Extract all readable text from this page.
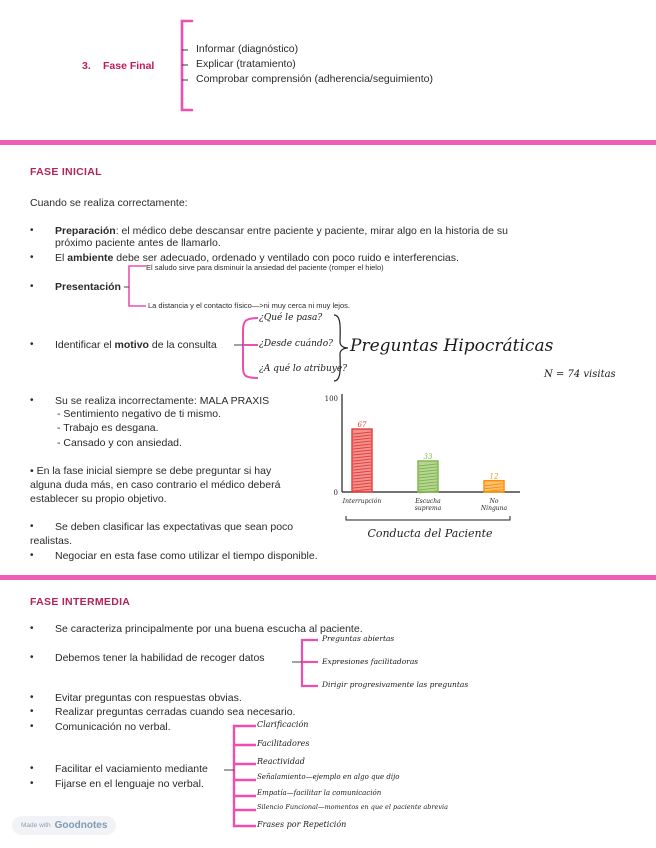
3. Fase Final
Informar (diagnóstico)
Explicar (tratamiento)
Comprobar comprensión (adherencia/seguimiento)
FASE INICIAL
Cuando se realiza correctamente:
• Preparación: el médico debe descansar entre paciente y paciente, mirar algo en la historia de su
próximo paciente antes de llamarlo.
• El ambiente debe ser adecuado, ordenado y ventilado con poco ruido e interferencias.
• Presentación
El saludo sirve para disminuir la ansiedad del paciente (romper el hielo)
La distancia y el contacto físico—>ni muy cerca ni muy lejos.
• Identificar el motivo de la consulta
¿Qué le pasa?
¿Desde cuándo?
¿A qué lo atribuye?
Preguntas Hipocráticas
N = 74 visitas
• Su se realiza incorrectamente: MALA PRAXIS
- Sentimiento negativo de ti mismo.
- Trabajo es desgana.
- Cansado y con ansiedad.
• En la fase inicial siempre se debe preguntar si hay
alguna duda más, en caso contrario el médico deberá
establecer su propio objetivo.
• Se deben clasificar las expectativas que sean poco
realistas.
• Negociar en esta fase como utilizar el tiempo disponible.
100
0
67
Interrupción
33
Escucha
suprema
12
No
Ninguna
Conducta del Paciente
FASE INTERMEDIA
• Se caracteriza principalmente por una buena escucha al paciente.
• Debemos tener la habilidad de recoger datos
Preguntas abiertas
Expresiones facilitadoras
Dirigir progresivamente las preguntas
• Evitar preguntas con respuestas obvias.
• Realizar preguntas cerradas cuando sea necesario.
• Comunicación no verbal.
• Facilitar el vaciamiento mediante
• Fijarse en el lenguaje no verbal.
Clarificación
Facilitadores
Reactividad
Señalamiento—ejemplo en algo que dijo
Empatía—facilitar la comunicación
Silencio Funcional—momentos en que el paciente abrevia
Frases por Repetición
Made with Goodnotes
